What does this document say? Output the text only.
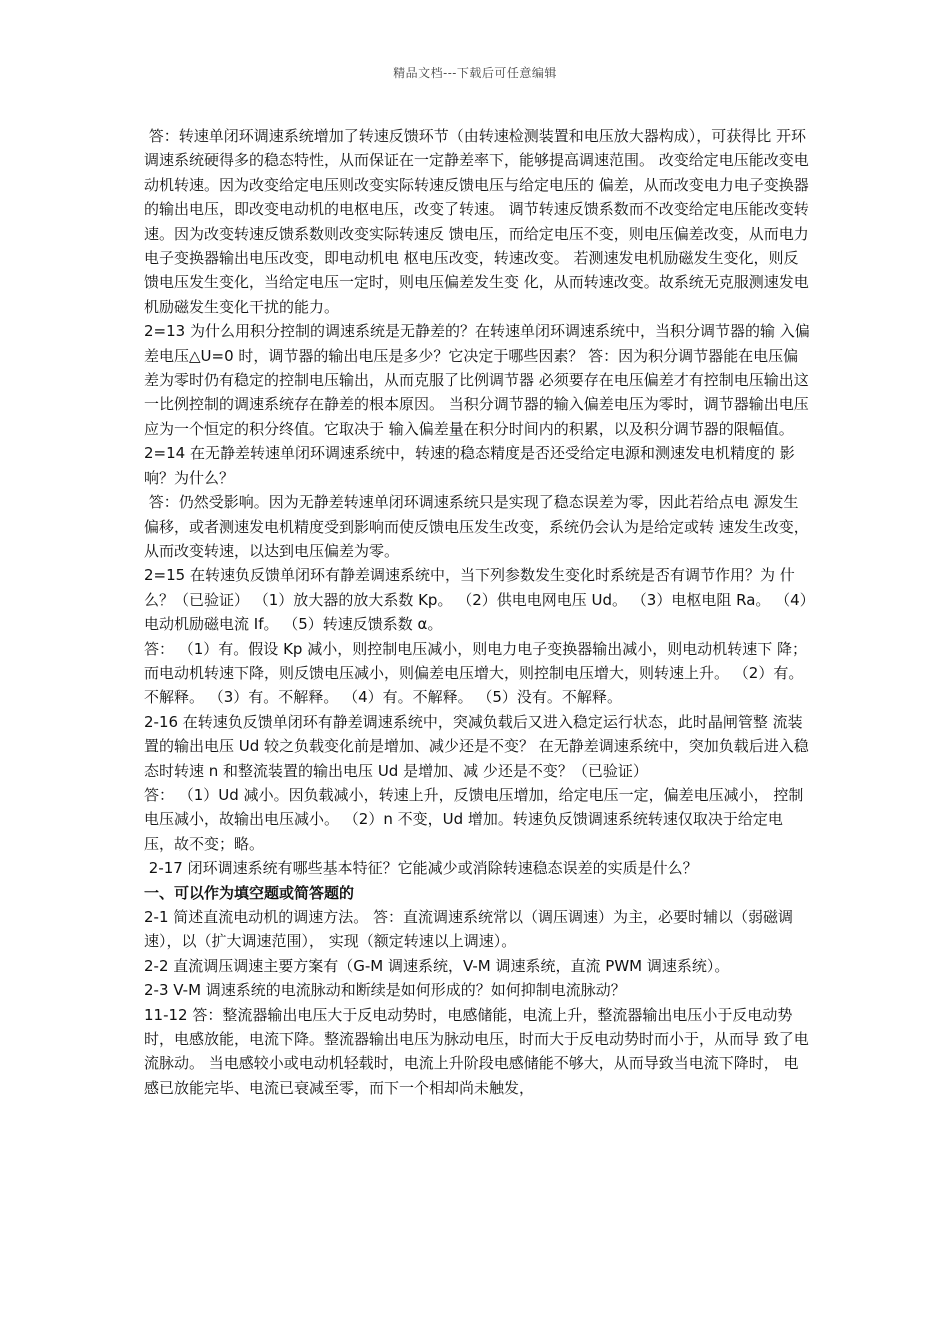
精品文档---下载后可任意编辑

答：转速单闭环调速系统增加了转速反馈环节（由转速检测装置和电压放大器构成），可获得比 开环调速系统硬得多的稳态特性，从而保证在一定静差率下，能够提高调速范围。 改变给定电压能改变电动机转速。因为改变给定电压则改变实际转速反馈电压与给定电压的 偏差，从而改变电力电子变换器的输出电压，即改变电动机的电枢电压，改变了转速。 调节转速反馈系数而不改变给定电压能改变转速。因为改变转速反馈系数则改变实际转速反 馈电压，而给定电压不变，则电压偏差改变，从而电力电子变换器输出电压改变，即电动机电 枢电压改变，转速改变。 若测速发电机励磁发生变化，则反馈电压发生变化，当给定电压一定时，则电压偏差发生变 化，从而转速改变。故系统无克服测速发电机励磁发生变化干扰的能力。

2=13 为什么用积分控制的调速系统是无静差的？在转速单闭环调速系统中，当积分调节器的输 入偏差电压△U=0 时，调节器的输出电压是多少？它决定于哪些因素？ 答：因为积分调节器能在电压偏差为零时仍有稳定的控制电压输出，从而克服了比例调节器 必须要存在电压偏差才有控制电压输出这一比例控制的调速系统存在静差的根本原因。 当积分调节器的输入偏差电压为零时，调节器输出电压应为一个恒定的积分终值。它取决于 输入偏差量在积分时间内的积累，以及积分调节器的限幅值。

2=14 在无静差转速单闭环调速系统中，转速的稳态精度是否还受给定电源和测速发电机精度的 影响？为什么？

答：仍然受影响。因为无静差转速单闭环调速系统只是实现了稳态误差为零，因此若给点电 源发生偏移，或者测速发电机精度受到影响而使反馈电压发生改变，系统仍会认为是给定或转 速发生改变，从而改变转速，以达到电压偏差为零。

2=15 在转速负反馈单闭环有静差调速系统中，当下列参数发生变化时系统是否有调节作用？为 什么？（已验证） （1）放大器的放大系数 Kp。 （2）供电电网电压 Ud。 （3）电枢电阻 Ra。 （4）电动机励磁电流 If。 （5）转速反馈系数 α。

答： （1）有。假设 Kp 减小，则控制电压减小，则电力电子变换器输出减小，则电动机转速下 降；而电动机转速下降，则反馈电压减小，则偏差电压增大，则控制电压增大，则转速上升。 （2）有。不解释。 （3）有。不解释。 （4）有。不解释。 （5）没有。不解释。

2-16 在转速负反馈单闭环有静差调速系统中，突减负载后又进入稳定运行状态，此时晶闸管整 流装置的输出电压 Ud 较之负载变化前是增加、减少还是不变？ 在无静差调速系统中，突加负载后进入稳态时转速 n 和整流装置的输出电压 Ud 是增加、减 少还是不变？（已验证）

答： （1）Ud 减小。因负载减小，转速上升，反馈电压增加，给定电压一定，偏差电压减小， 控制电压减小，故输出电压减小。 （2）n 不变，Ud 增加。转速负反馈调速系统转速仅取决于给定电压，故不变；略。

2-17 闭环调速系统有哪些基本特征？它能减少或消除转速稳态误差的实质是什么？

一、可以作为填空题或简答题的

2-1 简述直流电动机的调速方法。 答：直流调速系统常以（调压调速）为主，必要时辅以（弱磁调速），以（扩大调速范围）， 实现（额定转速以上调速）。

2-2 直流调压调速主要方案有（G-M 调速系统，V-M 调速系统，直流 PWM 调速系统）。

2-3 V-M 调速系统的电流脉动和断续是如何形成的？如何抑制电流脉动？

11-12 答：整流器输出电压大于反电动势时，电感储能，电流上升，整流器输出电压小于反电动势 时，电感放能，电流下降。整流器输出电压为脉动电压，时而大于反电动势时而小于，从而导 致了电流脉动。 当电感较小或电动机轻载时，电流上升阶段电感储能不够大，从而导致当电流下降时， 电感已放能完毕、电流已衰减至零，而下一个相却尚未触发，
